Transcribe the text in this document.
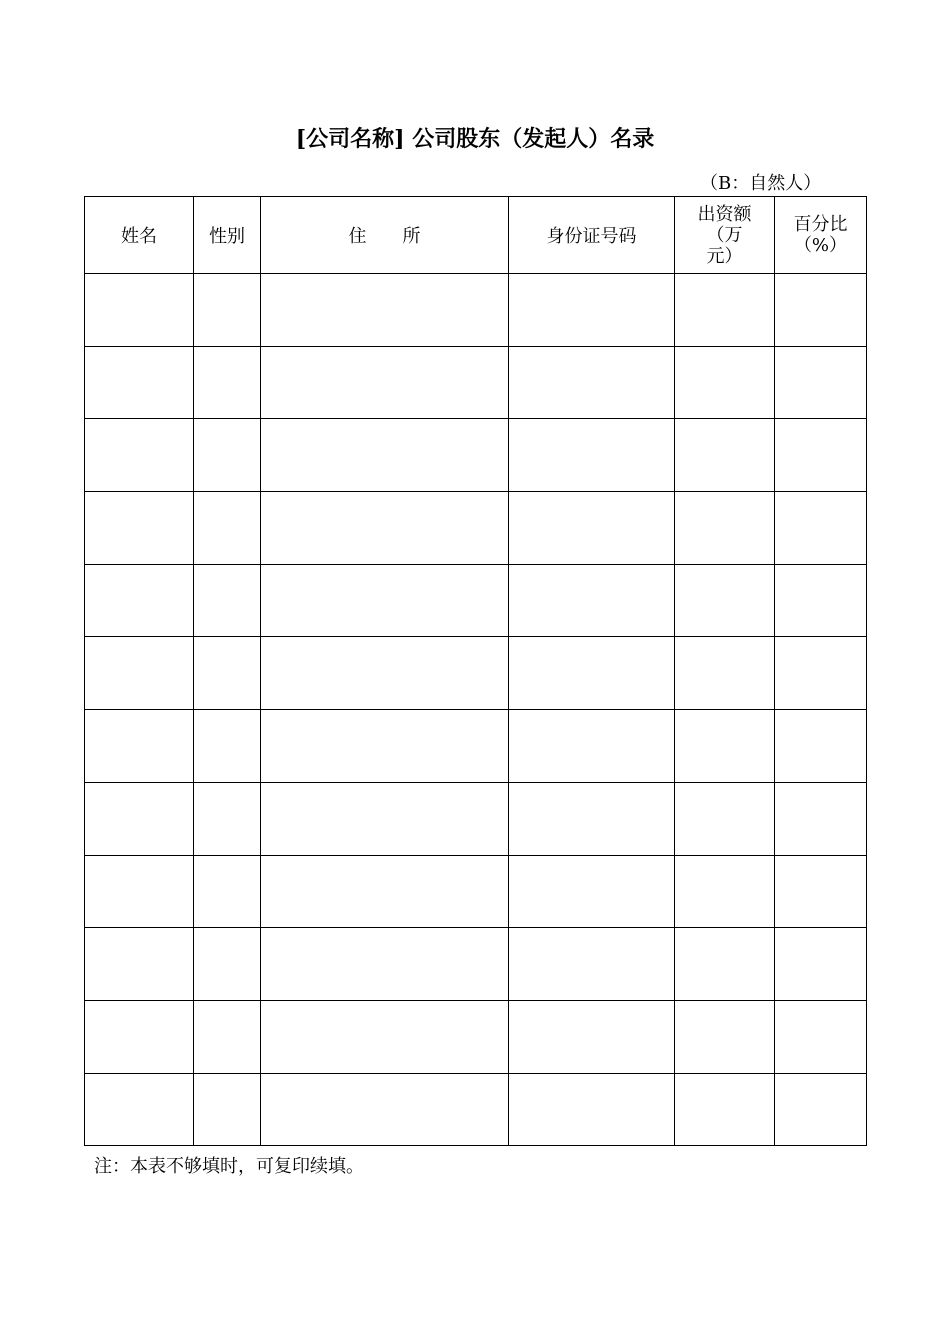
[公司名称] 公司股东（发起人）名录
（B：自然人）
姓名	性别	住所	身份证号码	出资额 （万 元）	百分比 （%）

注：本表不够填时，可复印续填。
